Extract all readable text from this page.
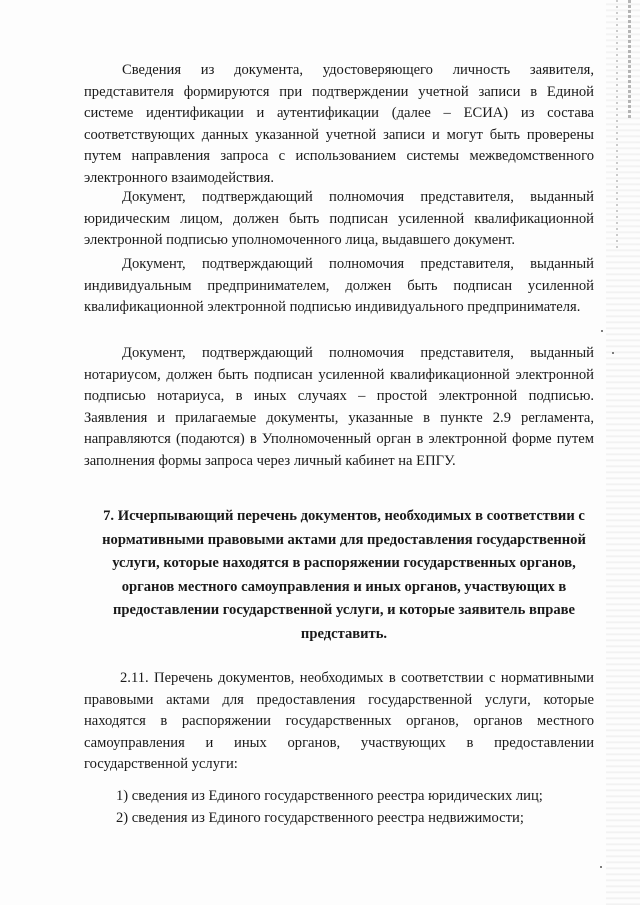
Сведения из документа, удостоверяющего личность заявителя, представителя формируются при подтверждении учетной записи в Единой системе идентификации и аутентификации (далее – ЕСИА) из состава соответствующих данных указанной учетной записи и могут быть проверены путем направления запроса с использованием системы межведомственного электронного взаимодействия.

Документ, подтверждающий полномочия представителя, выданный юридическим лицом, должен быть подписан усиленной квалификационной электронной подписью уполномоченного лица, выдавшего документ.

Документ, подтверждающий полномочия представителя, выданный индивидуальным предпринимателем, должен быть подписан усиленной квалификационной электронной подписью индивидуального предпринимателя.

Документ, подтверждающий полномочия представителя, выданный нотариусом, должен быть подписан усиленной квалификационной электронной подписью нотариуса, в иных случаях – простой электронной подписью. Заявления и прилагаемые документы, указанные в пункте 2.9 регламента, направляются (подаются) в Уполномоченный орган в электронной форме путем заполнения формы запроса через личный кабинет на ЕПГУ.

7. Исчерпывающий перечень документов, необходимых в соответствии с нормативными правовыми актами для предоставления государственной услуги, которые находятся в распоряжении государственных органов, органов местного самоуправления и иных органов, участвующих в предоставлении государственной услуги, и которые заявитель вправе представить.

2.11. Перечень документов, необходимых в соответствии с нормативными правовыми актами для предоставления государственной услуги, которые находятся в распоряжении государственных органов, органов местного самоуправления и иных органов, участвующих в предоставлении государственной услуги:

1) сведения из Единого государственного реестра юридических лиц;

2) сведения из Единого государственного реестра недвижимости;
